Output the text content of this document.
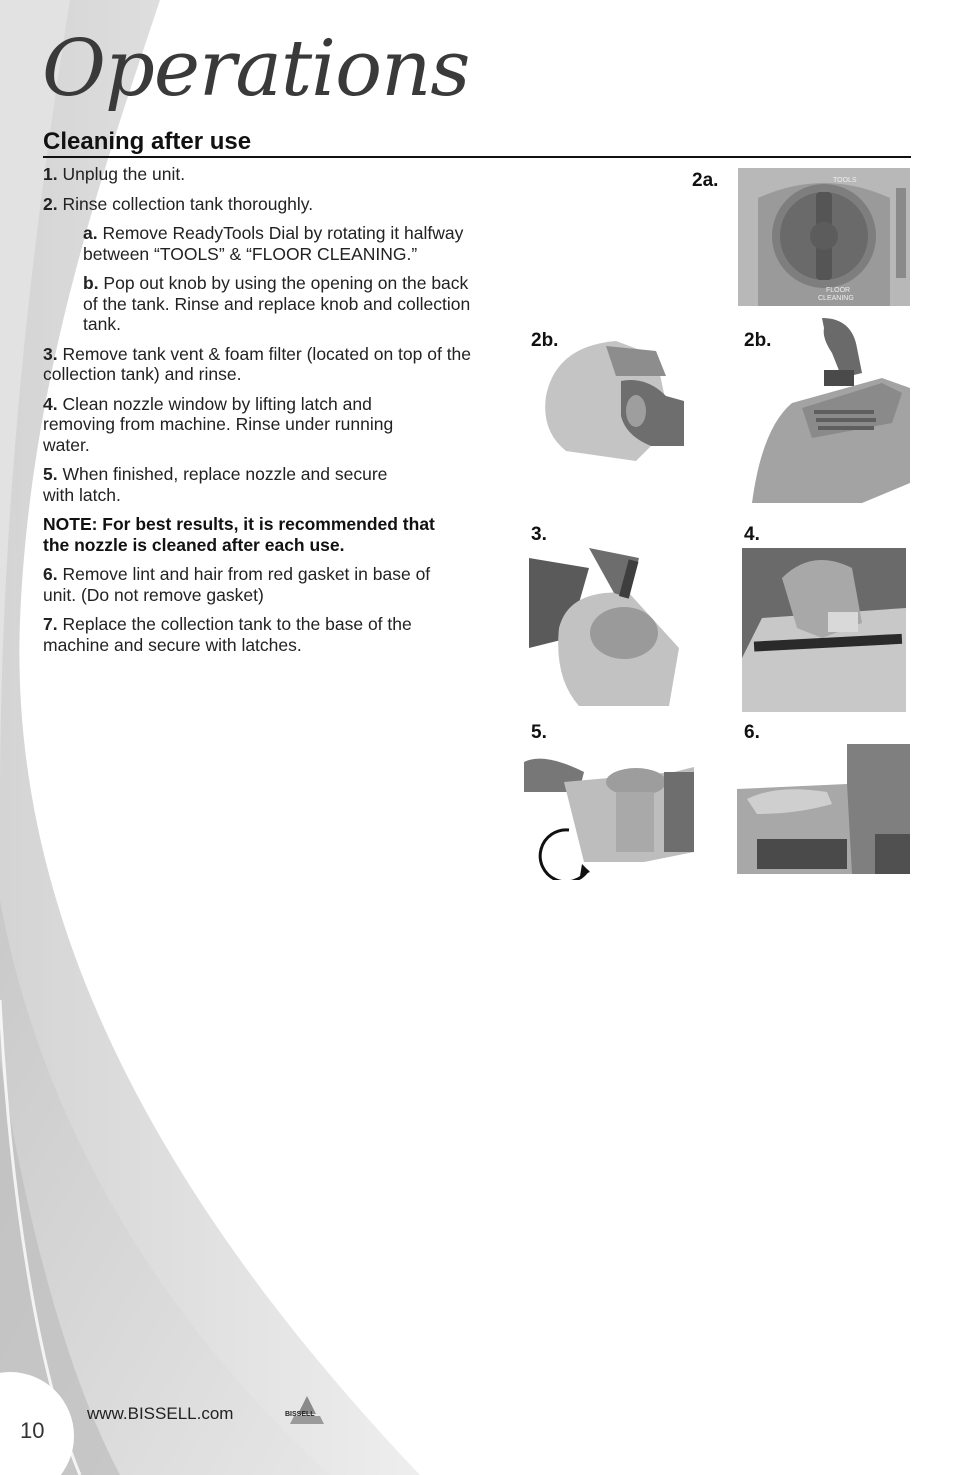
Operations
Cleaning after use
1. Unplug the unit.
2. Rinse collection tank thoroughly.
a. Remove ReadyTools Dial by rotating it halfway between “TOOLS” & “FLOOR CLEANING.”
b. Pop out knob by using the opening on the back of the tank. Rinse and replace knob and collection tank.
3. Remove tank vent & foam filter (located on top of the collection tank) and rinse.
4. Clean nozzle window by lifting latch and removing from machine. Rinse under running water.
5. When finished, replace nozzle and secure with latch.
NOTE: For best results, it is recommended that the nozzle is cleaned after each use.
6. Remove lint and hair from red gasket in base of unit. (Do not remove gasket)
7. Replace the collection tank to the base of the machine and secure with latches.
2a.	TOOLS
FLOOR
CLEANING
2b.	2b.
3.	4.
5.	6.
10
www.BISSELL.com	BISSELL
